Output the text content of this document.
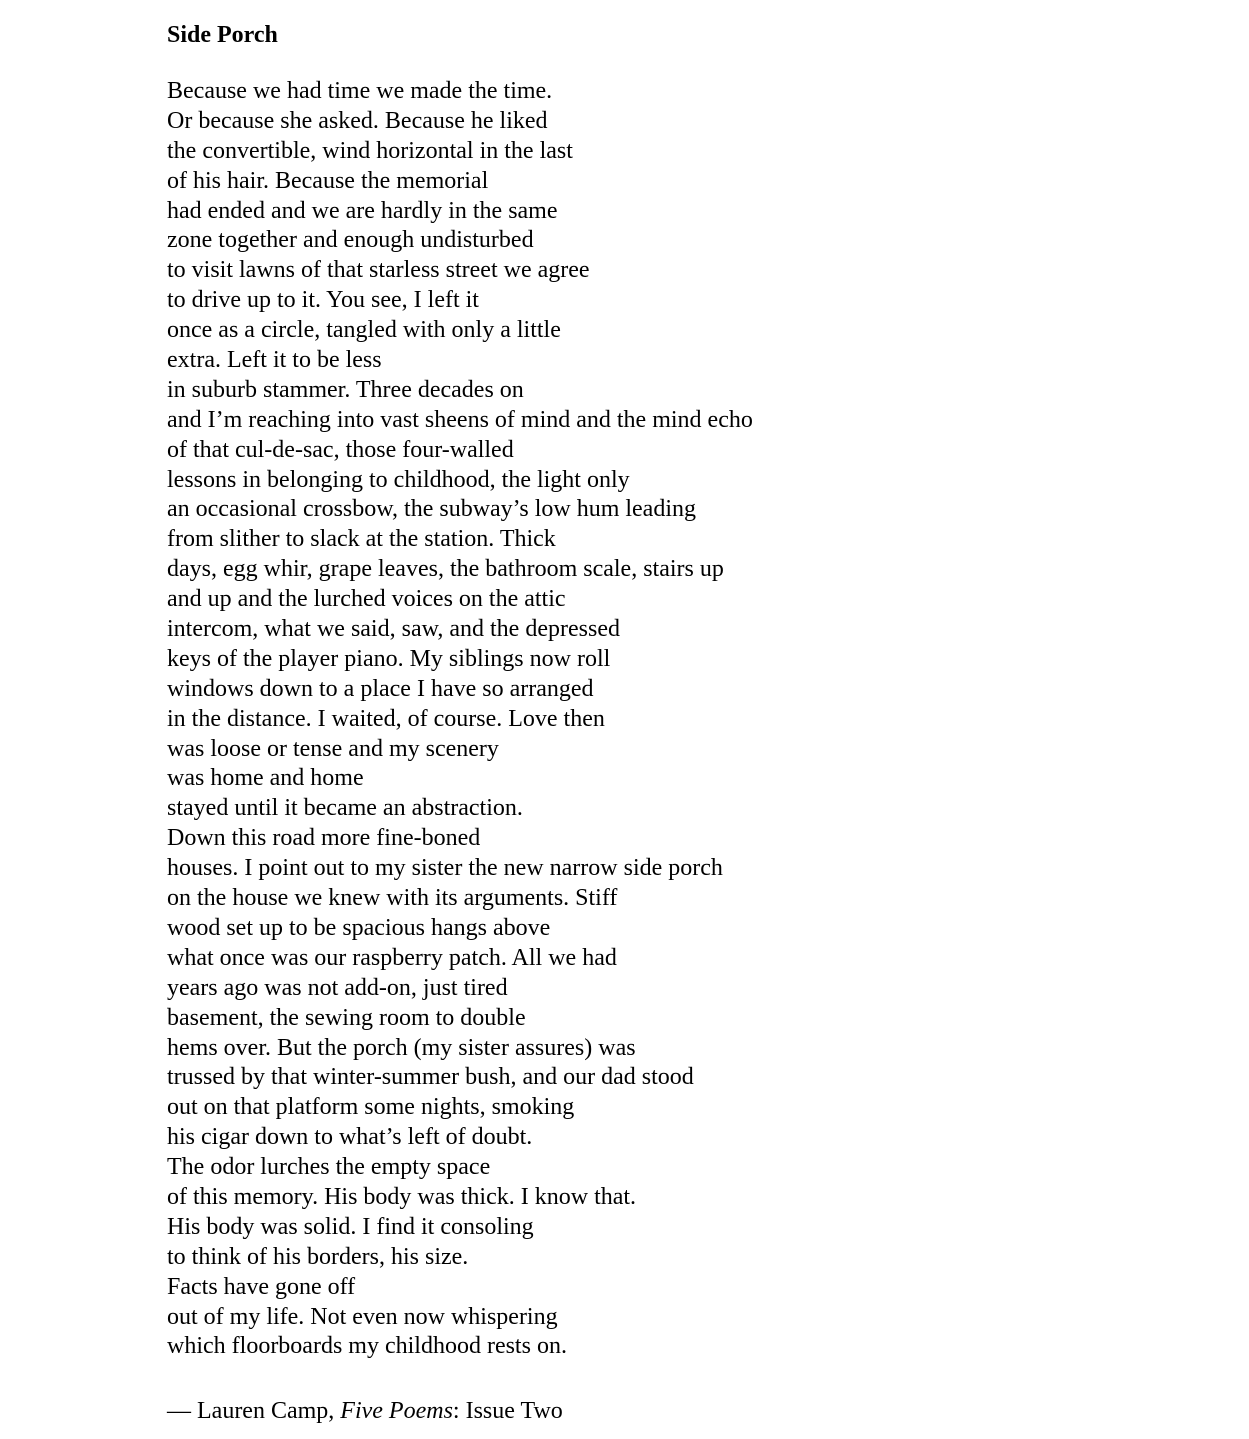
Side Porch
Because we had time we made the time.
Or because she asked. Because he liked
the convertible, wind horizontal in the last
of his hair. Because the memorial
had ended and we are hardly in the same
zone together and enough undisturbed
to visit lawns of that starless street we agree
to drive up to it. You see, I left it
once as a circle, tangled with only a little
extra. Left it to be less
in suburb stammer. Three decades on
and I’m reaching into vast sheens of mind and the mind echo
of that cul-de-sac, those four-walled
lessons in belonging to childhood, the light only
an occasional crossbow, the subway’s low hum leading
from slither to slack at the station. Thick
days, egg whir, grape leaves, the bathroom scale, stairs up
and up and the lurched voices on the attic
intercom, what we said, saw, and the depressed
keys of the player piano. My siblings now roll
windows down to a place I have so arranged
in the distance. I waited, of course. Love then
was loose or tense and my scenery
was home and home
stayed until it became an abstraction.
Down this road more fine-boned
houses. I point out to my sister the new narrow side porch
on the house we knew with its arguments. Stiff
wood set up to be spacious hangs above
what once was our raspberry patch. All we had
years ago was not add-on, just tired
basement, the sewing room to double
hems over. But the porch (my sister assures) was
trussed by that winter-summer bush, and our dad stood
out on that platform some nights, smoking
his cigar down to what’s left of doubt.
The odor lurches the empty space
of this memory. His body was thick. I know that.
His body was solid. I find it consoling
to think of his borders, his size.
Facts have gone off
out of my life. Not even now whispering
which floorboards my childhood rests on.
— Lauren Camp, Five Poems: Issue Two
